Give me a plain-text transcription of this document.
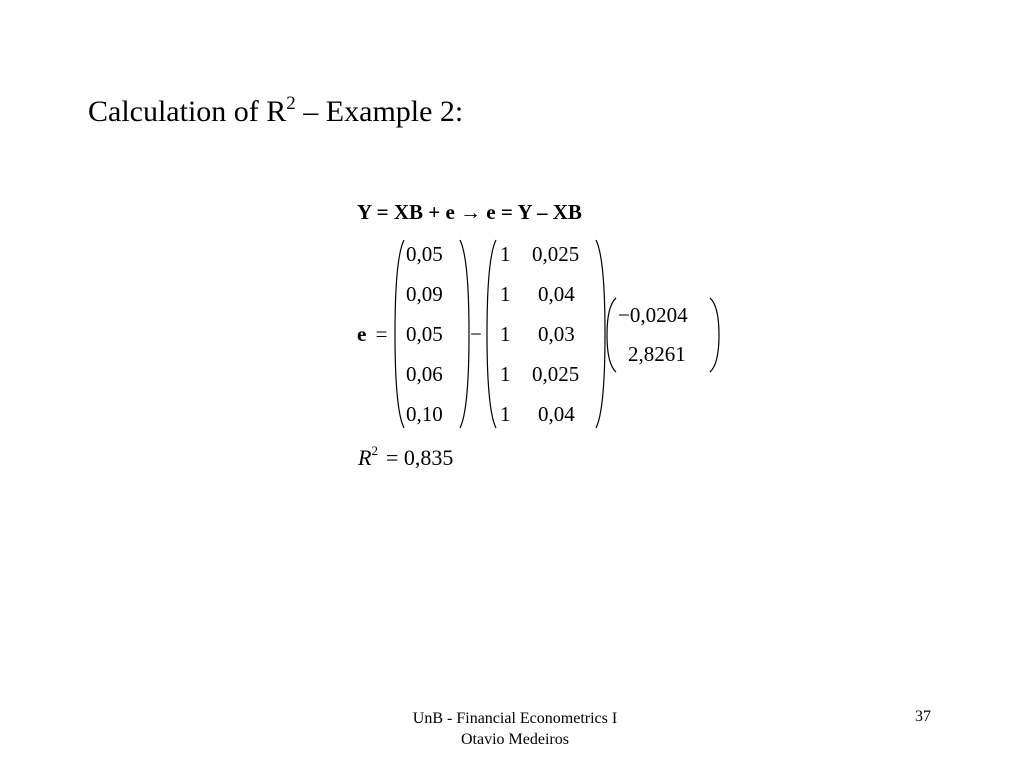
Calculation of $R^2$ – Example 2:
Y = XB + e → e = Y – XB
e =
0,05
0,09
0,05
0,06
0,10
−
1
1
1
1
1
0,025
0,04
0,03
0,025
0,04
−0,0204
2,8261
$R^2 = 0,835$
UnB - Financial Econometrics I
Otavio Medeiros
37
